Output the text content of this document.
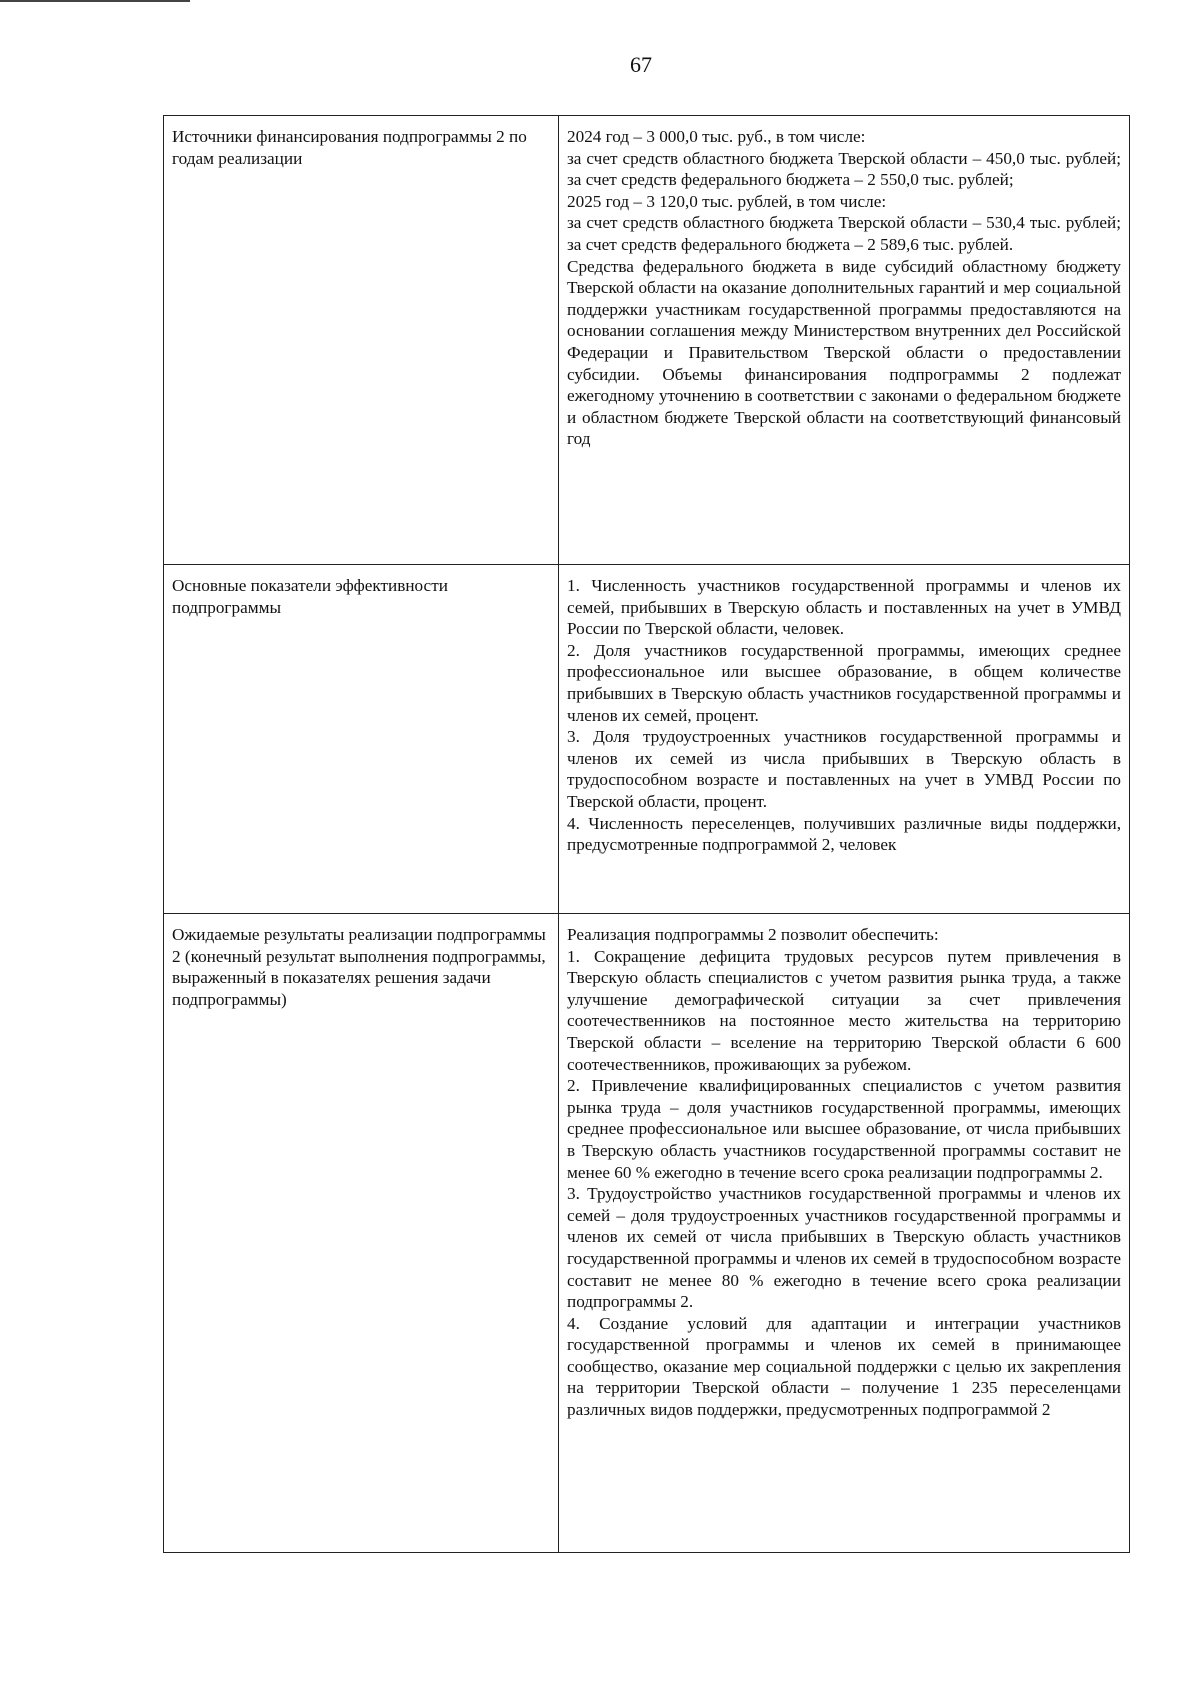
67

Источники финансирования подпрограммы 2 по годам реализации	2024 год – 3 000,0 тыс. руб., в том числе:

за счет средств областного бюджета Тверской области – 450,0 тыс. рублей; за счет средств федерального бюджета – 2 550,0 тыс. рублей;

2025 год – 3 120,0 тыс. рублей, в том числе:

за счет средств областного бюджета Тверской области – 530,4 тыс. рублей; за счет средств федерального бюджета – 2 589,6 тыс. рублей.

Средства федерального бюджета в виде субсидий областному бюджету Тверской области на оказание дополнительных гарантий и мер социальной поддержки участникам государственной программы предоставляются на основании соглашения между Министерством внутренних дел Российской Федерации и Правительством Тверской области о предоставлении субсидии. Объемы финансирования подпрограммы 2 подлежат ежегодному уточнению в соответствии с законами о федеральном бюджете и областном бюджете Тверской области на соответствующий финансовый год

Основные показатели эффективности подпрограммы	1. Численность участников государственной программы и членов их семей, прибывших в Тверскую область и поставленных на учет в УМВД России по Тверской области, человек.

2. Доля участников государственной программы, имеющих среднее профессиональное или высшее образование, в общем количестве прибывших в Тверскую область участников государственной программы и членов их семей, процент.

3. Доля трудоустроенных участников государственной программы и членов их семей из числа прибывших в Тверскую область в трудоспособном возрасте и поставленных на учет в УМВД России по Тверской области, процент.

4. Численность переселенцев, получивших различные виды поддержки, предусмотренные подпрограммой 2, человек

Ожидаемые результаты реализации подпрограммы 2 (конечный результат выполнения подпрограммы, выраженный в показателях решения задачи подпрограммы)	Реализация подпрограммы 2 позволит обеспечить:

1. Сокращение дефицита трудовых ресурсов путем привлечения в Тверскую область специалистов с учетом развития рынка труда, а также улучшение демографической ситуации за счет привлечения соотечественников на постоянное место жительства на территорию Тверской области – вселение на территорию Тверской области 6 600 соотечественников, проживающих за рубежом.

2. Привлечение квалифицированных специалистов с учетом развития рынка труда – доля участников государственной программы, имеющих среднее профессиональное или высшее образование, от числа прибывших в Тверскую область участников государственной программы составит не менее 60 % ежегодно в течение всего срока реализации подпрограммы 2.

3. Трудоустройство участников государственной программы и членов их семей – доля трудоустроенных участников государственной программы и членов их семей от числа прибывших в Тверскую область участников государственной программы и членов их семей в трудоспособном возрасте составит не менее 80 % ежегодно в течение всего срока реализации подпрограммы 2.

4. Создание условий для адаптации и интеграции участников государственной программы и членов их семей в принимающее сообщество, оказание мер социальной поддержки с целью их закрепления на территории Тверской области – получение 1 235 переселенцами различных видов поддержки, предусмотренных подпрограммой 2
